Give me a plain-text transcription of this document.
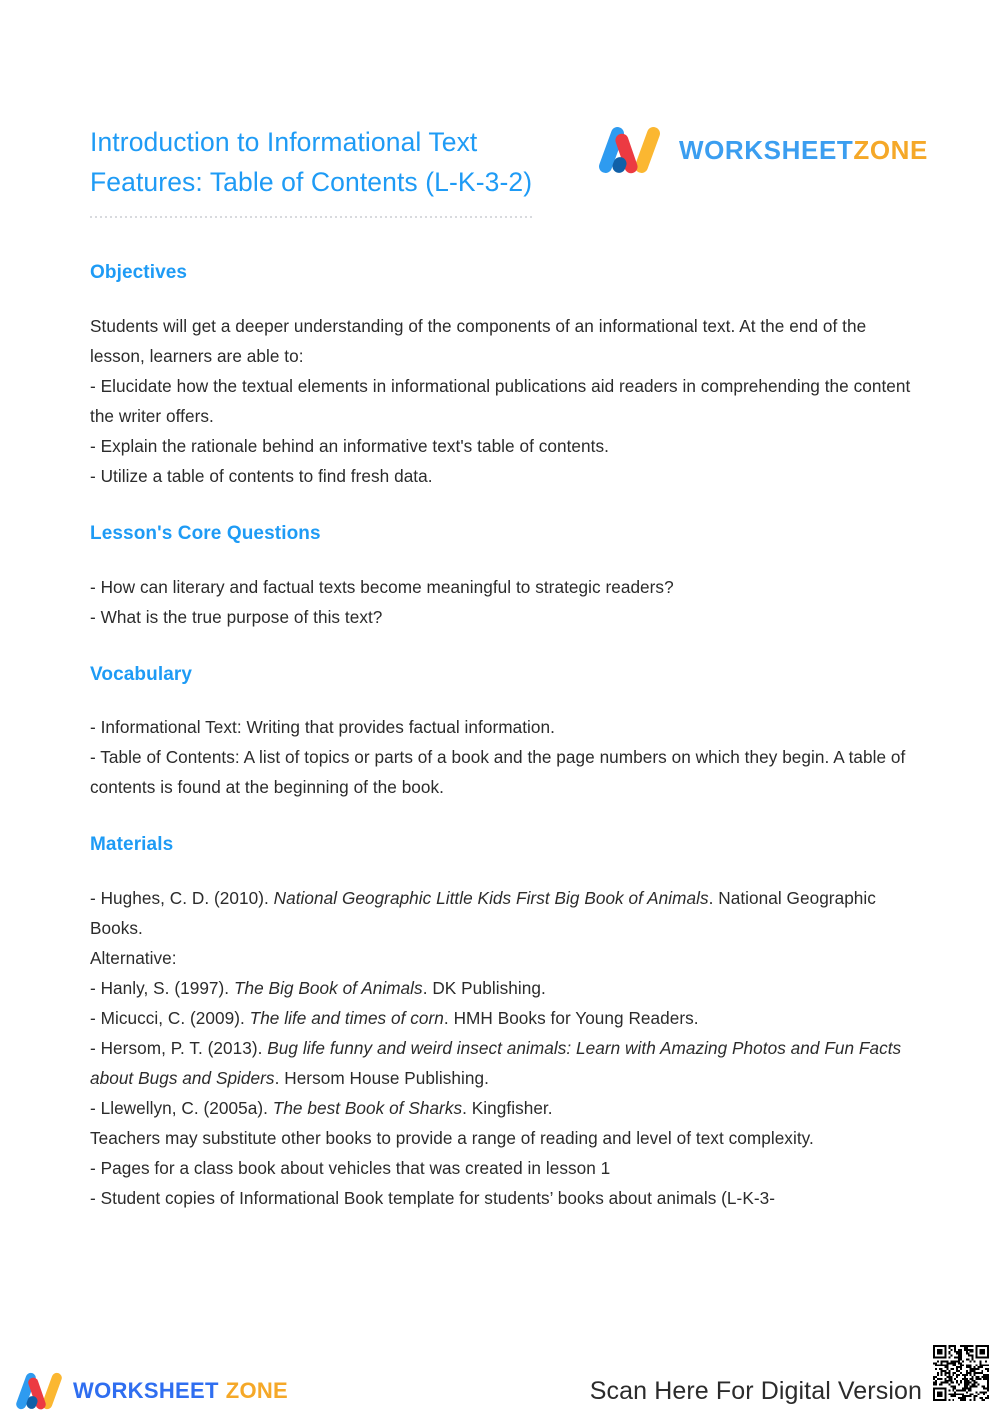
Introduction to Informational Text Features: Table of Contents (L-K-3-2)
WORKSHEETZONE
Objectives

Students will get a deeper understanding of the components of an informational text. At the end of the lesson, learners are able to:
- Elucidate how the textual elements in informational publications aid readers in comprehending the content the writer offers.
- Explain the rationale behind an informative text's table of contents.
- Utilize a table of contents to find fresh data.

Lesson's Core Questions

- How can literary and factual texts become meaningful to strategic readers?
- What is the true purpose of this text?

Vocabulary

- Informational Text: Writing that provides factual information.
- Table of Contents: A list of topics or parts of a book and the page numbers on which they begin. A table of contents is found at the beginning of the book.

Materials

- Hughes, C. D. (2010). National Geographic Little Kids First Big Book of Animals. National Geographic Books.
Alternative:
- Hanly, S. (1997). The Big Book of Animals. DK Publishing.
- Micucci, C. (2009). The life and times of corn. HMH Books for Young Readers.
- Hersom, P. T. (2013). Bug life funny and weird insect animals: Learn with Amazing Photos and Fun Facts about Bugs and Spiders. Hersom House Publishing.
- Llewellyn, C. (2005a). The best Book of Sharks. Kingfisher.
Teachers may substitute other books to provide a range of reading and level of text complexity.
- Pages for a class book about vehicles that was created in lesson 1
- Student copies of Informational Book template for students’ books about animals (L-K-3-

WORKSHEET ZONE	Scan Here For Digital Version
